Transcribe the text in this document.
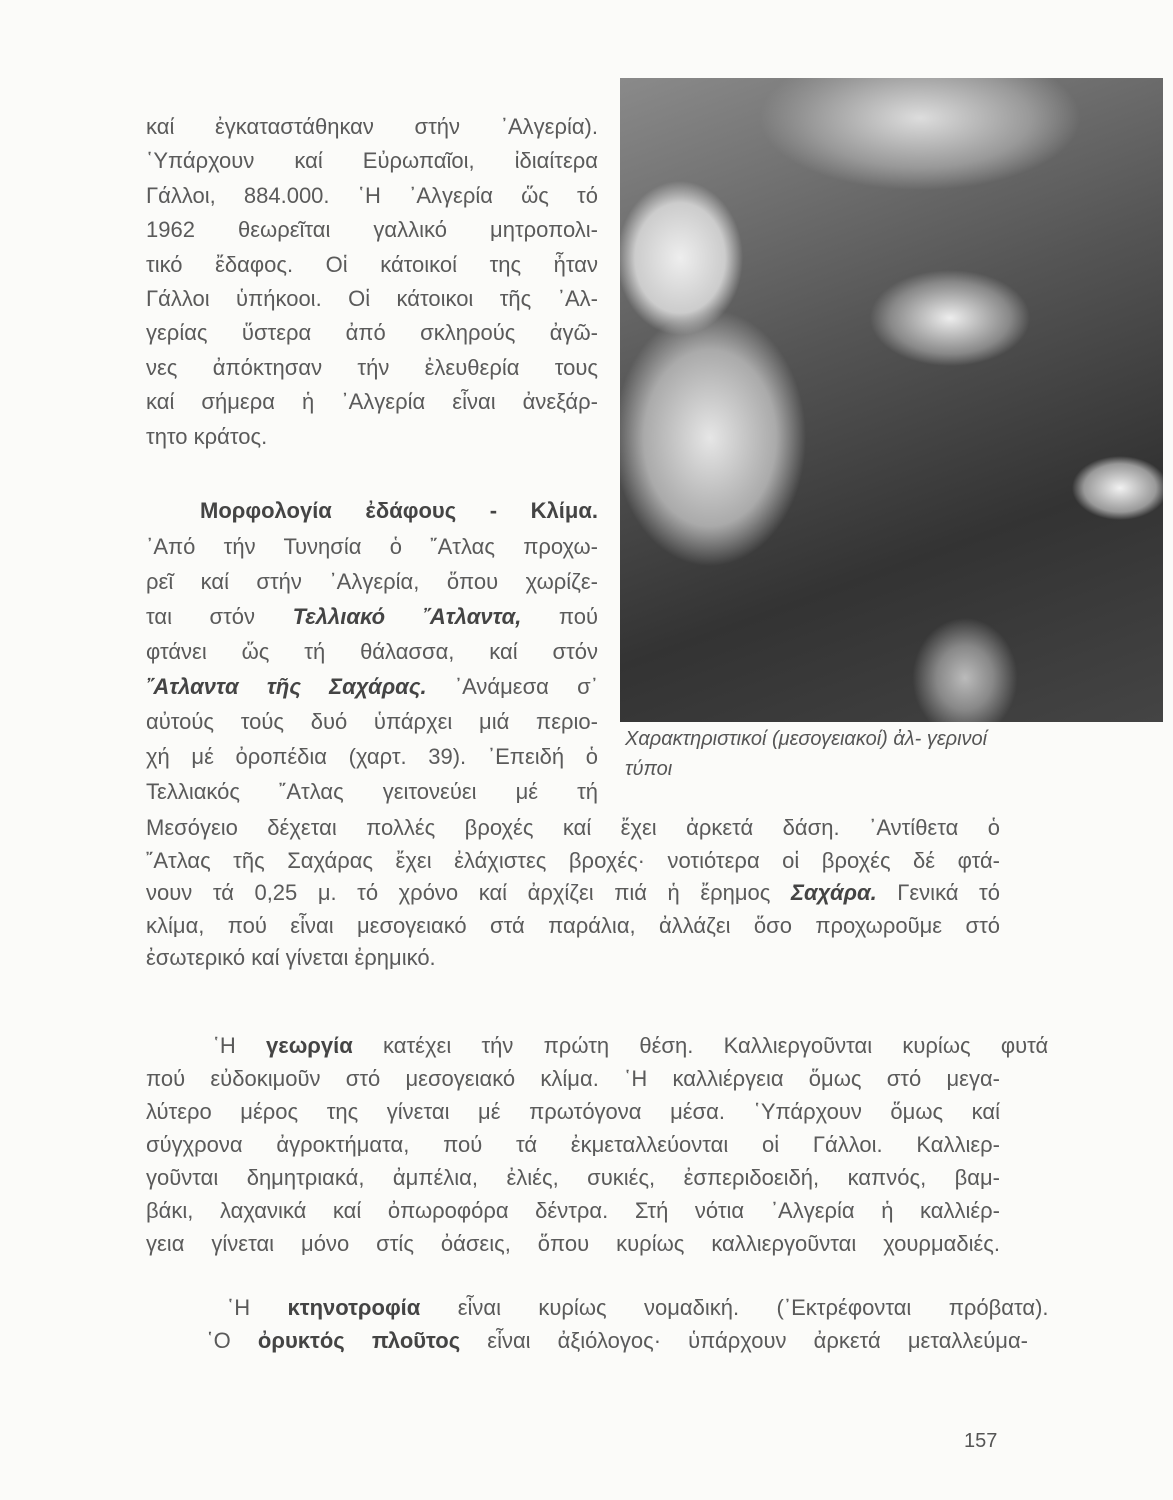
Χαρακτηριστικοί (μεσογειακοί) ἀλ- γερινοί τύποι
Μορφολογία ἐδάφους - Κλίμα.
καί ἐγκαταστάθηκαν στήν ᾿Αλγερία).
῾Υπάρχουν καί Εὐρωπαῖοι, ἰδιαίτερα
Γάλλοι, 884.000. ῾Η ᾿Αλγερία ὥς τό
1962 θεωρεῖται γαλλικό μητροπολι-
τικό ἔδαφος. Οἱ κάτοικοί της ἦταν
Γάλλοι ὑπήκοοι. Οἱ κάτοικοι τῆς ᾿Αλ-
γερίας ὕστερα ἀπό σκληρούς ἀγῶ-
νες ἀπόκτησαν τήν ἐλευθερία τους
καί σήμερα ἡ ᾿Αλγερία εἶναι ἀνεξάρ-
τητο κράτος.
᾿Από τήν Τυνησία ὁ ῎Ατλας προχω-
ρεῖ καί στήν ᾿Αλγερία, ὅπου χωρίζε-
ται στόν Τελλιακό ῎Ατλαντα, πού
φτάνει ὥς τή θάλασσα, καί στόν
῎Ατλαντα τῆς Σαχάρας. ᾿Ανάμεσα σ᾿
αὐτούς τούς δυό ὑπάρχει μιά περιο-
χή μέ ὀροπέδια (χαρτ. 39). ᾿Επειδή ὁ
Τελλιακός ῎Ατλας γειτονεύει μέ τή
Μεσόγειο δέχεται πολλές βροχές καί ἔχει ἀρκετά δάση. ᾿Αντίθετα ὁ
῎Ατλας τῆς Σαχάρας ἔχει ἐλάχιστες βροχές· νοτιότερα οἱ βροχές δέ φτά-
νουν τά 0,25 μ. τό χρόνο καί ἀρχίζει πιά ἡ ἔρημος Σαχάρα. Γενικά τό
κλίμα, πού εἶναι μεσογειακό στά παράλια, ἀλλάζει ὅσο προχωροῦμε στό
ἐσωτερικό καί γίνεται ἐρημικό.
῾Η γεωργία κατέχει τήν πρώτη θέση. Καλλιεργοῦνται κυρίως φυτά
πού εὐδοκιμοῦν στό μεσογειακό κλίμα. ῾Η καλλιέργεια ὅμως στό μεγα-
λύτερο μέρος της γίνεται μέ πρωτόγονα μέσα. ῾Υπάρχουν ὅμως καί
σύγχρονα ἀγροκτήματα, πού τά ἐκμεταλλεύονται οἱ Γάλλοι. Καλλιερ-
γοῦνται δημητριακά, ἀμπέλια, ἐλιές, συκιές, ἐσπεριδοειδή, καπνός, βαμ-
βάκι, λαχανικά καί ὀπωροφόρα δέντρα. Στή νότια ᾿Αλγερία ἡ καλλιέρ-
γεια γίνεται μόνο στίς ὀάσεις, ὅπου κυρίως καλλιεργοῦνται χουρμαδιές.
῾Η κτηνοτροφία εἶναι κυρίως νομαδική. (᾿Εκτρέφονται πρόβατα).
῾Ο ὀρυκτός πλοῦτος εἶναι ἀξιόλογος· ὑπάρχουν ἀρκετά μεταλλεύμα-
157
